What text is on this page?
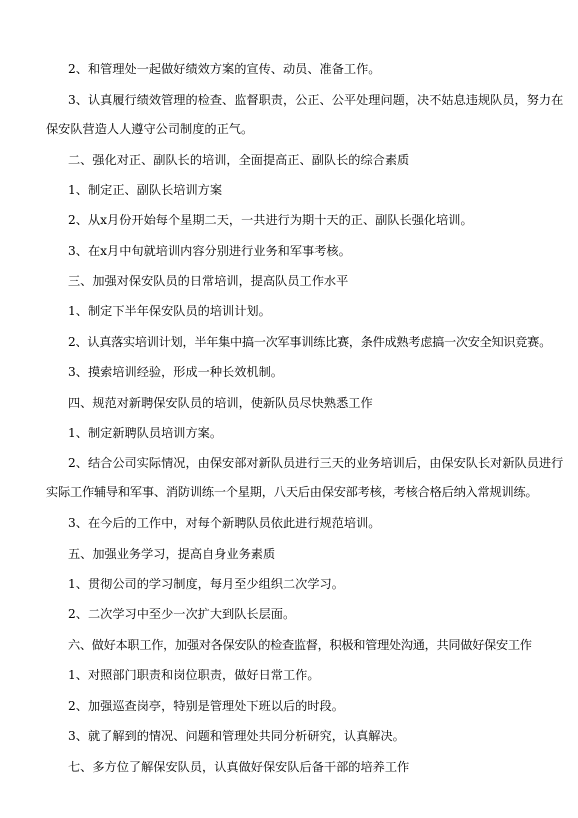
2、和管理处一起做好绩效方案的宣传、动员、准备工作。

3、认真履行绩效管理的检查、监督职责，公正、公平处理问题，决不姑息违规队员，努力在
保安队营造人人遵守公司制度的正气。

二、强化对正、副队长的培训，全面提高正、副队长的综合素质

1、制定正、副队长培训方案

2、从x月份开始每个星期二天，一共进行为期十天的正、副队长强化培训。

3、在x月中旬就培训内容分别进行业务和军事考核。

三、加强对保安队员的日常培训，提高队员工作水平

1、制定下半年保安队员的培训计划。

2、认真落实培训计划，半年集中搞一次军事训练比赛，条件成熟考虑搞一次安全知识竞赛。

3、摸索培训经验，形成一种长效机制。

四、规范对新聘保安队员的培训，使新队员尽快熟悉工作

1、制定新聘队员培训方案。

2、结合公司实际情况，由保安部对新队员进行三天的业务培训后，由保安队长对新队员进行
实际工作辅导和军事、消防训练一个星期，八天后由保安部考核，考核合格后纳入常规训练。

3、在今后的工作中，对每个新聘队员依此进行规范培训。

五、加强业务学习，提高自身业务素质

1、贯彻公司的学习制度，每月至少组织二次学习。

2、二次学习中至少一次扩大到队长层面。

六、做好本职工作，加强对各保安队的检查监督，积极和管理处沟通，共同做好保安工作

1、对照部门职责和岗位职责，做好日常工作。

2、加强巡查岗亭，特别是管理处下班以后的时段。

3、就了解到的情况、问题和管理处共同分析研究，认真解决。

七、多方位了解保安队员，认真做好保安队后备干部的培养工作
